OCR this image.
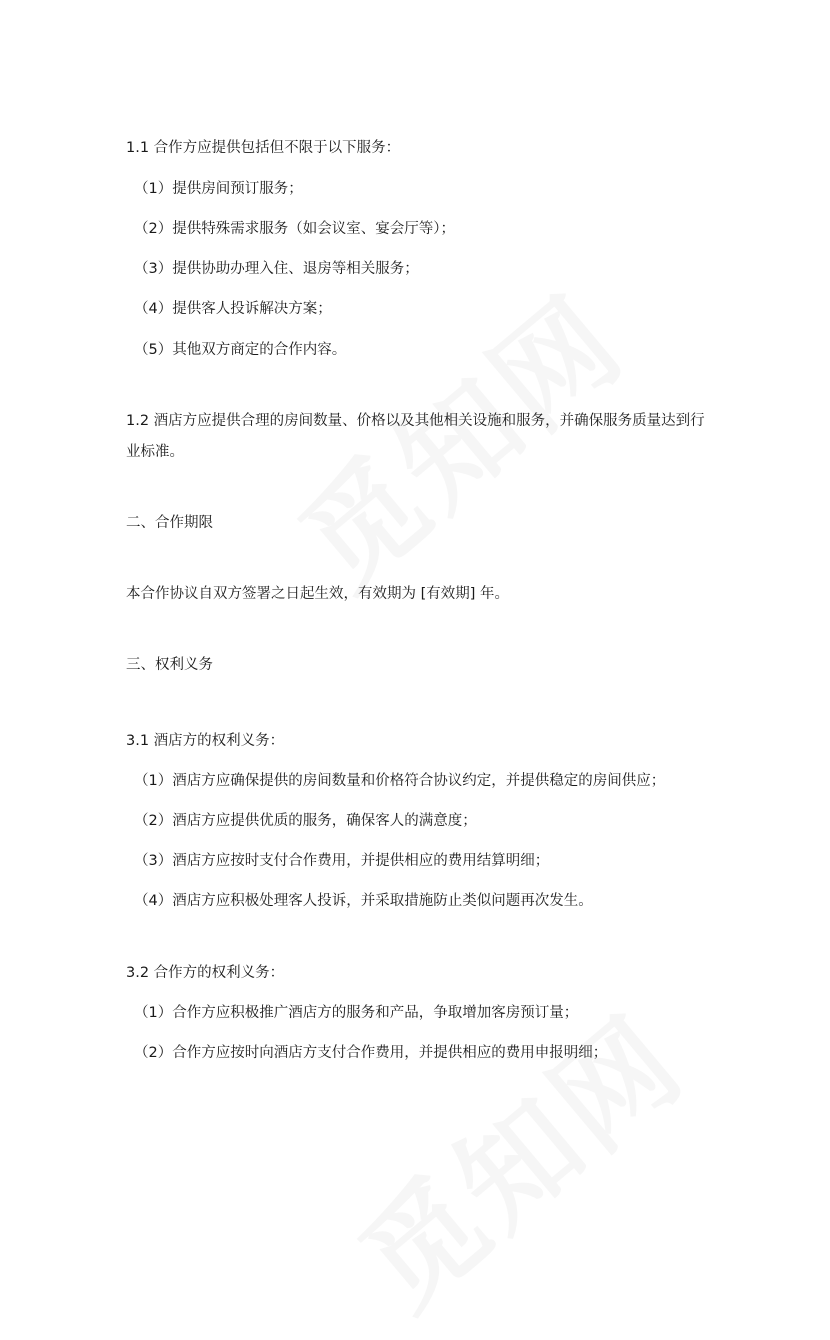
1.1 合作方应提供包括但不限于以下服务：
（1）提供房间预订服务；
（2）提供特殊需求服务（如会议室、宴会厅等）；
（3）提供协助办理入住、退房等相关服务；
（4）提供客人投诉解决方案；
（5）其他双方商定的合作内容。
1.2 酒店方应提供合理的房间数量、价格以及其他相关设施和服务，并确保服务质量达到行业标准。
二、合作期限
本合作协议自双方签署之日起生效，有效期为 [有效期] 年。
三、权利义务
3.1 酒店方的权利义务：
（1）酒店方应确保提供的房间数量和价格符合协议约定，并提供稳定的房间供应；
（2）酒店方应提供优质的服务，确保客人的满意度；
（3）酒店方应按时支付合作费用，并提供相应的费用结算明细；
（4）酒店方应积极处理客人投诉，并采取措施防止类似问题再次发生。
3.2 合作方的权利义务：
（1）合作方应积极推广酒店方的服务和产品，争取增加客房预订量；
（2）合作方应按时向酒店方支付合作费用，并提供相应的费用申报明细；
